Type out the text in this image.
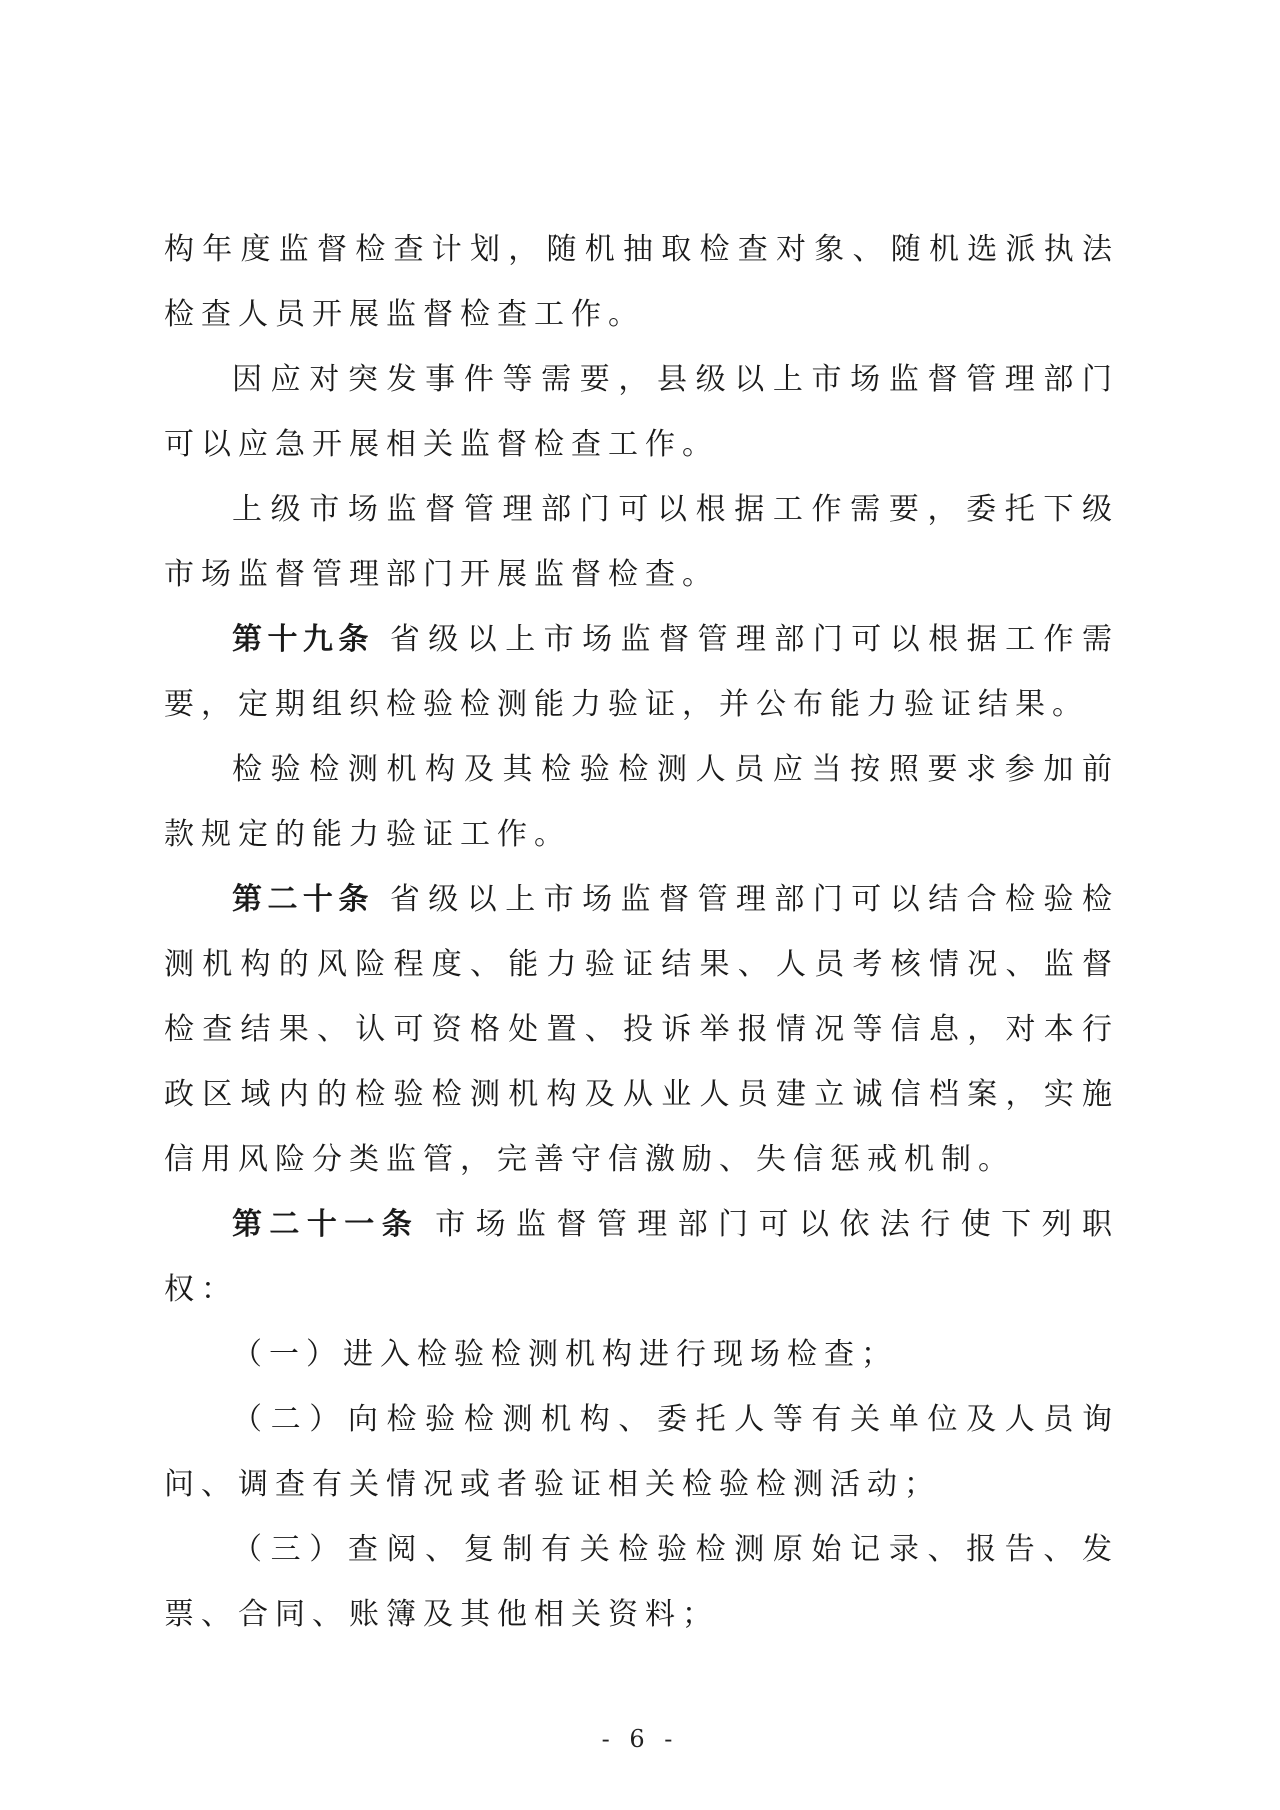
构年度监督检查计划，随机抽取检查对象、随机选派执法检查人员开展监督检查工作。

因应对突发事件等需要，县级以上市场监督管理部门可以应急开展相关监督检查工作。

上级市场监督管理部门可以根据工作需要，委托下级市场监督管理部门开展监督检查。

第十九条 省级以上市场监督管理部门可以根据工作需要，定期组织检验检测能力验证，并公布能力验证结果。

检验检测机构及其检验检测人员应当按照要求参加前款规定的能力验证工作。

第二十条 省级以上市场监督管理部门可以结合检验检测机构的风险程度、能力验证结果、人员考核情况、监督检查结果、认可资格处置、投诉举报情况等信息，对本行政区域内的检验检测机构及从业人员建立诚信档案，实施信用风险分类监管，完善守信激励、失信惩戒机制。

第二十一条 市场监督管理部门可以依法行使下列职权：

（一）进入检验检测机构进行现场检查；

（二）向检验检测机构、委托人等有关单位及人员询问、调查有关情况或者验证相关检验检测活动；

（三）查阅、复制有关检验检测原始记录、报告、发票、合同、账簿及其他相关资料；

- 6 -
